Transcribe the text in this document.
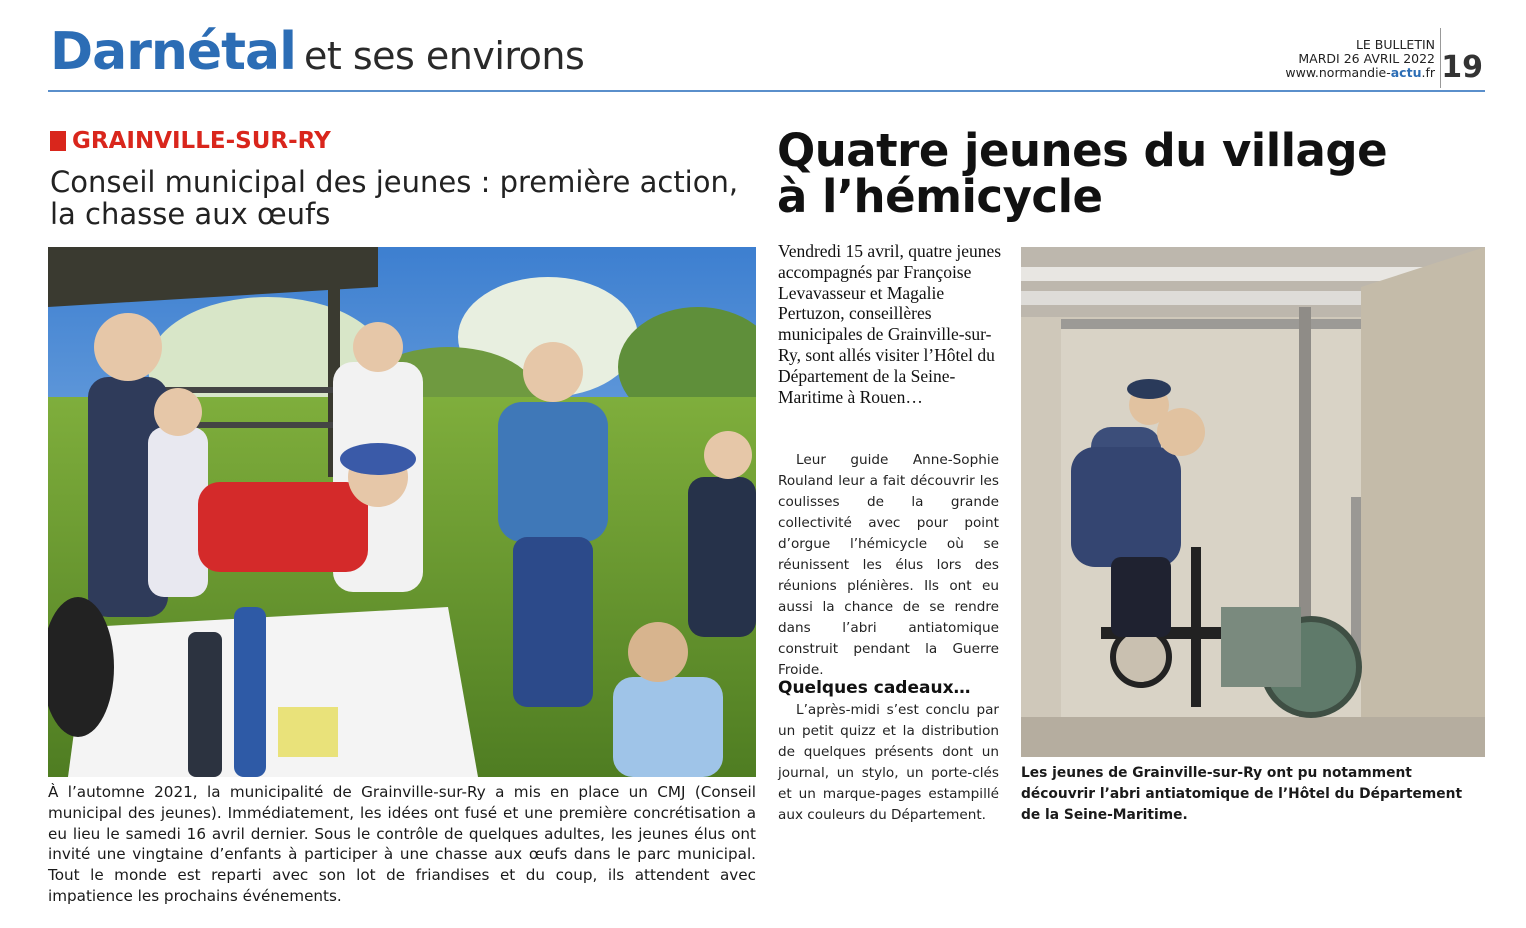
Darnétal et ses environs	LE BULLETIN
MARDI 26 AVRIL 2022
www.normandie-actu.fr 19
GRAINVILLE-SUR-RY
Conseil municipal des jeunes : première action,
la chasse aux œufs
À l’automne 2021, la municipalité de Grainville-sur-Ry a mis en place un CMJ (Conseil municipal des jeunes). Immédiatement, les idées ont fusé et une première concrétisation a eu lieu le samedi 16 avril dernier. Sous le contrôle de quelques adultes, les jeunes élus ont invité une vingtaine d’enfants à participer à une chasse aux œufs dans le parc municipal. Tout le monde est reparti avec son lot de friandises et du coup, ils attendent avec impatience les prochains événements.
Quatre jeunes du village
à l’hémicycle
Vendredi 15 avril, quatre jeunes accompagnés par Françoise Levavasseur et Magalie Pertuzon, conseillères municipales de Grainville-sur-Ry, sont allés visiter l’Hôtel du Département de la Seine-Maritime à Rouen…
Leur guide Anne-Sophie Rouland leur a fait découvrir les coulisses de la grande collectivité avec pour point d’orgue l’hémicycle où se réunissent les élus lors des réunions plénières. Ils ont eu aussi la chance de se rendre dans l’abri antiatomique construit pendant la Guerre Froide.
Quelques cadeaux…
L’après-midi s’est conclu par un petit quizz et la distribution de quelques présents dont un journal, un stylo, un porte-clés et un marque-pages estampillé aux couleurs du Département.
Les jeunes de Grainville-sur-Ry ont pu notamment découvrir l’abri antiatomique de l’Hôtel du Département de la Seine-Maritime.
